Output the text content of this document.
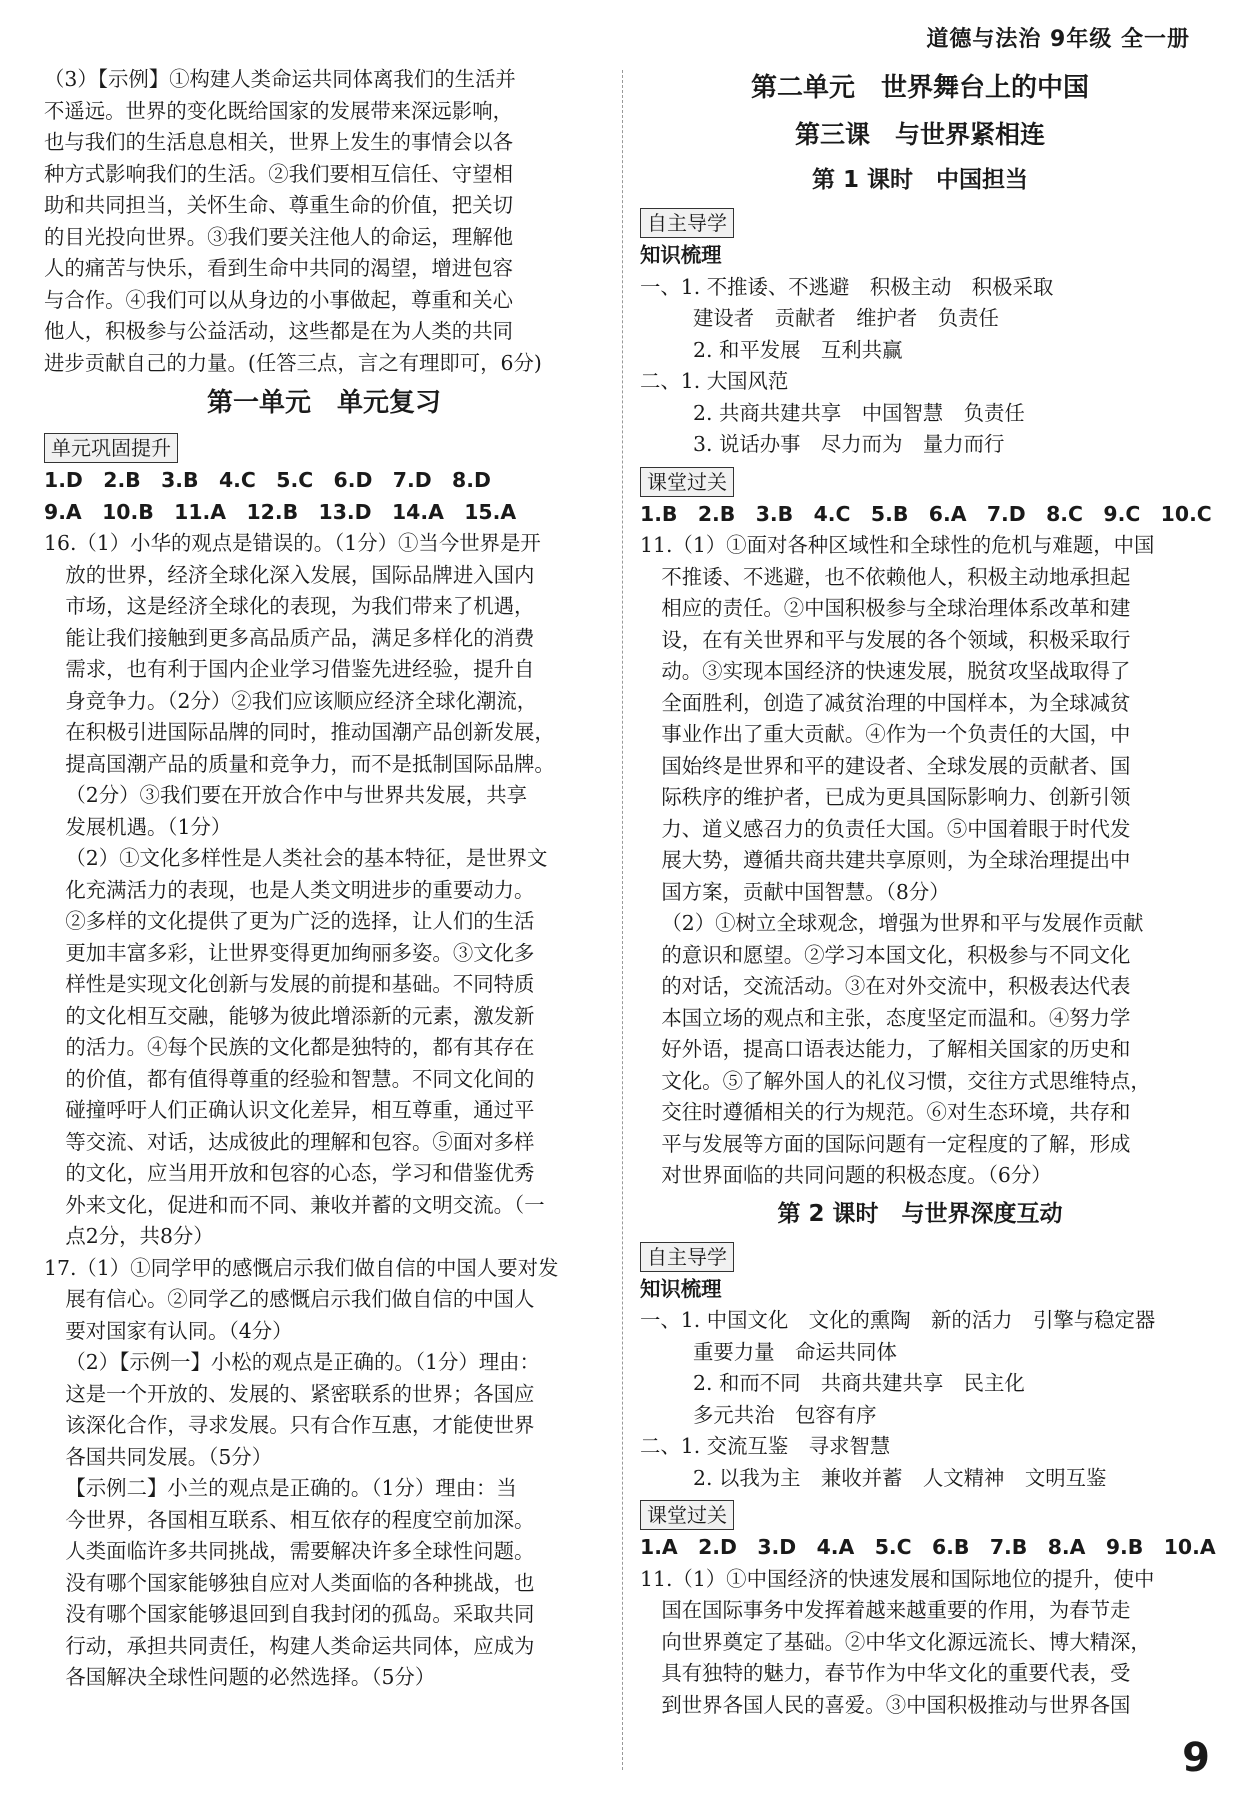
道德与法治 9年级 全一册
（3）【示例】①构建人类命运共同体离我们的生活并
不遥远。世界的变化既给国家的发展带来深远影响，
也与我们的生活息息相关，世界上发生的事情会以各
种方式影响我们的生活。②我们要相互信任、守望相
助和共同担当，关怀生命、尊重生命的价值，把关切
的目光投向世界。③我们要关注他人的命运，理解他
人的痛苦与快乐，看到生命中共同的渴望，增进包容
与合作。④我们可以从身边的小事做起，尊重和关心
他人，积极参与公益活动，这些都是在为人类的共同
进步贡献自己的力量。(任答三点，言之有理即可，6分)
第一单元　单元复习
单元巩固提升
1.D　2.B　3.B　4.C　5.C　6.D　7.D　8.D
9.A　10.B　11.A　12.B　13.D　14.A　15.A
16.（1）小华的观点是错误的。（1分）①当今世界是开
放的世界，经济全球化深入发展，国际品牌进入国内
市场，这是经济全球化的表现，为我们带来了机遇，
能让我们接触到更多高品质产品，满足多样化的消费
需求，也有利于国内企业学习借鉴先进经验，提升自
身竞争力。（2分）②我们应该顺应经济全球化潮流，
在积极引进国际品牌的同时，推动国潮产品创新发展，
提高国潮产品的质量和竞争力，而不是抵制国际品牌。
（2分）③我们要在开放合作中与世界共发展，共享
发展机遇。（1分）
（2）①文化多样性是人类社会的基本特征，是世界文
化充满活力的表现，也是人类文明进步的重要动力。
②多样的文化提供了更为广泛的选择，让人们的生活
更加丰富多彩，让世界变得更加绚丽多姿。③文化多
样性是实现文化创新与发展的前提和基础。不同特质
的文化相互交融，能够为彼此增添新的元素，激发新
的活力。④每个民族的文化都是独特的，都有其存在
的价值，都有值得尊重的经验和智慧。不同文化间的
碰撞呼吁人们正确认识文化差异，相互尊重，通过平
等交流、对话，达成彼此的理解和包容。⑤面对多样
的文化，应当用开放和包容的心态，学习和借鉴优秀
外来文化，促进和而不同、兼收并蓄的文明交流。（一
点2分，共8分）
17.（1）①同学甲的感慨启示我们做自信的中国人要对发
展有信心。②同学乙的感慨启示我们做自信的中国人
要对国家有认同。（4分）
（2）【示例一】小松的观点是正确的。（1分）理由：
这是一个开放的、发展的、紧密联系的世界；各国应
该深化合作，寻求发展。只有合作互惠，才能使世界
各国共同发展。（5分）
【示例二】小兰的观点是正确的。（1分）理由：当
今世界，各国相互联系、相互依存的程度空前加深。
人类面临许多共同挑战，需要解决许多全球性问题。
没有哪个国家能够独自应对人类面临的各种挑战，也
没有哪个国家能够退回到自我封闭的孤岛。采取共同
行动，承担共同责任，构建人类命运共同体，应成为
各国解决全球性问题的必然选择。（5分）
第二单元　世界舞台上的中国
第三课　与世界紧相连
第 1 课时　中国担当
自主导学
知识梳理
一、1. 不推诿、不逃避　积极主动　积极采取
建设者　贡献者　维护者　负责任
2. 和平发展　互利共赢
二、1. 大国风范
2. 共商共建共享　中国智慧　负责任
3. 说话办事　尽力而为　量力而行
课堂过关
1.B　2.B　3.B　4.C　5.B　6.A　7.D　8.C　9.C　10.C
11.（1）①面对各种区域性和全球性的危机与难题，中国
不推诿、不逃避，也不依赖他人，积极主动地承担起
相应的责任。②中国积极参与全球治理体系改革和建
设，在有关世界和平与发展的各个领域，积极采取行
动。③实现本国经济的快速发展，脱贫攻坚战取得了
全面胜利，创造了减贫治理的中国样本，为全球减贫
事业作出了重大贡献。④作为一个负责任的大国，中
国始终是世界和平的建设者、全球发展的贡献者、国
际秩序的维护者，已成为更具国际影响力、创新引领
力、道义感召力的负责任大国。⑤中国着眼于时代发
展大势，遵循共商共建共享原则，为全球治理提出中
国方案，贡献中国智慧。（8分）
（2）①树立全球观念，增强为世界和平与发展作贡献
的意识和愿望。②学习本国文化，积极参与不同文化
的对话，交流活动。③在对外交流中，积极表达代表
本国立场的观点和主张，态度坚定而温和。④努力学
好外语，提高口语表达能力，了解相关国家的历史和
文化。⑤了解外国人的礼仪习惯，交往方式思维特点，
交往时遵循相关的行为规范。⑥对生态环境，共存和
平与发展等方面的国际问题有一定程度的了解，形成
对世界面临的共同问题的积极态度。（6分）
第 2 课时　与世界深度互动
自主导学
知识梳理
一、1. 中国文化　文化的熏陶　新的活力　引擎与稳定器
重要力量　命运共同体
2. 和而不同　共商共建共享　民主化
多元共治　包容有序
二、1. 交流互鉴　寻求智慧
2. 以我为主　兼收并蓄　人文精神　文明互鉴
课堂过关
1.A　2.D　3.D　4.A　5.C　6.B　7.B　8.A　9.B　10.A
11.（1）①中国经济的快速发展和国际地位的提升，使中
国在国际事务中发挥着越来越重要的作用，为春节走
向世界奠定了基础。②中华文化源远流长、博大精深，
具有独特的魅力，春节作为中华文化的重要代表，受
到世界各国人民的喜爱。③中国积极推动与世界各国
9
